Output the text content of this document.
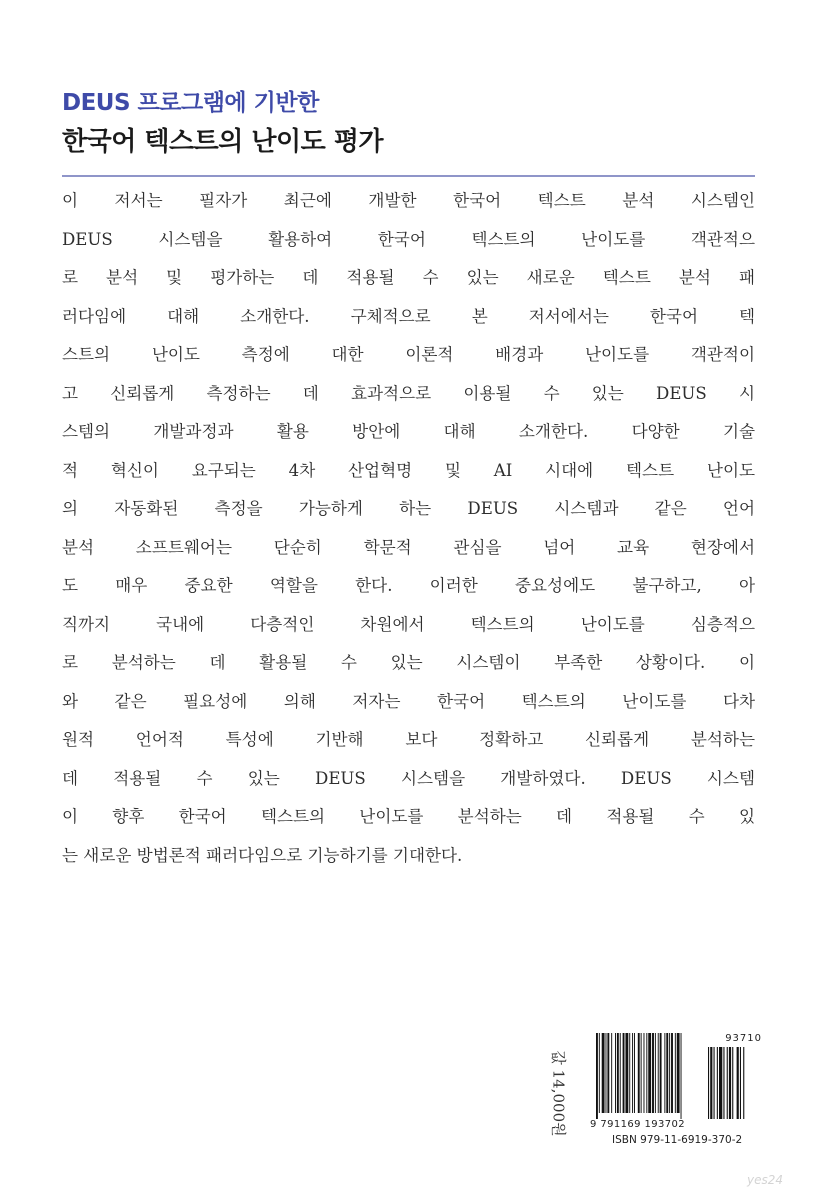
DEUS 프로그램에 기반한
한국어 텍스트의 난이도 평가
이 저서는 필자가 최근에 개발한 한국어 텍스트 분석 시스템인
DEUS 시스템을 활용하여 한국어 텍스트의 난이도를 객관적으
로 분석 및 평가하는 데 적용될 수 있는 새로운 텍스트 분석 패
러다임에 대해 소개한다. 구체적으로 본 저서에서는 한국어 텍
스트의 난이도 측정에 대한 이론적 배경과 난이도를 객관적이
고 신뢰롭게 측정하는 데 효과적으로 이용될 수 있는 DEUS 시
스템의 개발과정과 활용 방안에 대해 소개한다. 다양한 기술
적 혁신이 요구되는 4차 산업혁명 및 AI 시대에 텍스트 난이도
의 자동화된 측정을 가능하게 하는 DEUS 시스템과 같은 언어
분석 소프트웨어는 단순히 학문적 관심을 넘어 교육 현장에서
도 매우 중요한 역할을 한다. 이러한 중요성에도 불구하고, 아
직까지 국내에 다층적인 차원에서 텍스트의 난이도를 심층적으
로 분석하는 데 활용될 수 있는 시스템이 부족한 상황이다. 이
와 같은 필요성에 의해 저자는 한국어 텍스트의 난이도를 다차
원적 언어적 특성에 기반해 보다 정확하고 신뢰롭게 분석하는
데 적용될 수 있는 DEUS 시스템을 개발하였다. DEUS 시스템
이 향후 한국어 텍스트의 난이도를 분석하는 데 적용될 수 있
는 새로운 방법론적 패러다임으로 기능하기를 기대한다.
값 14,000원
93710
9 791169 193702
ISBN 979-11-6919-370-2
yes24
